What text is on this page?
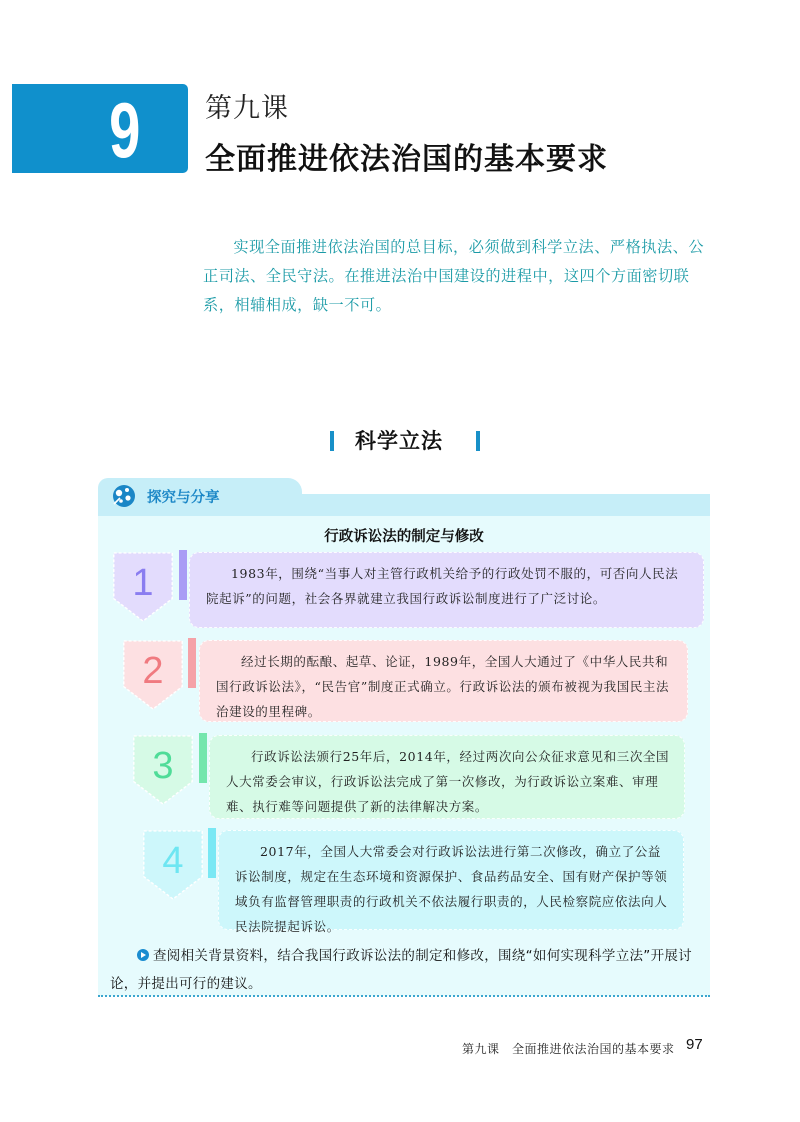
9 第九课
全面推进依法治国的基本要求
实现全面推进依法治国的总目标，必须做到科学立法、严格执法、公正司法、全民守法。在推进法治中国建设的进程中，这四个方面密切联系，相辅相成，缺一不可。
科学立法
探究与分享
行政诉讼法的制定与修改
1	1983年，围绕“当事人对主管行政机关给予的行政处罚不服的，可否向人民法院起诉”的问题，社会各界就建立我国行政诉讼制度进行了广泛讨论。
2	经过长期的酝酿、起草、论证，1989年，全国人大通过了《中华人民共和国行政诉讼法》，“民告官”制度正式确立。行政诉讼法的颁布被视为我国民主法治建设的里程碑。
3	行政诉讼法颁行25年后，2014年，经过两次向公众征求意见和三次全国人大常委会审议，行政诉讼法完成了第一次修改，为行政诉讼立案难、审理难、执行难等问题提供了新的法律解决方案。
4	2017年，全国人大常委会对行政诉讼法进行第二次修改，确立了公益诉讼制度，规定在生态环境和资源保护、食品药品安全、国有财产保护等领域负有监督管理职责的行政机关不依法履行职责的，人民检察院应依法向人民法院提起诉讼。
查阅相关背景资料，结合我国行政诉讼法的制定和修改，围绕“如何实现科学立法”开展讨论，并提出可行的建议。
第九课　全面推进依法治国的基本要求 97
